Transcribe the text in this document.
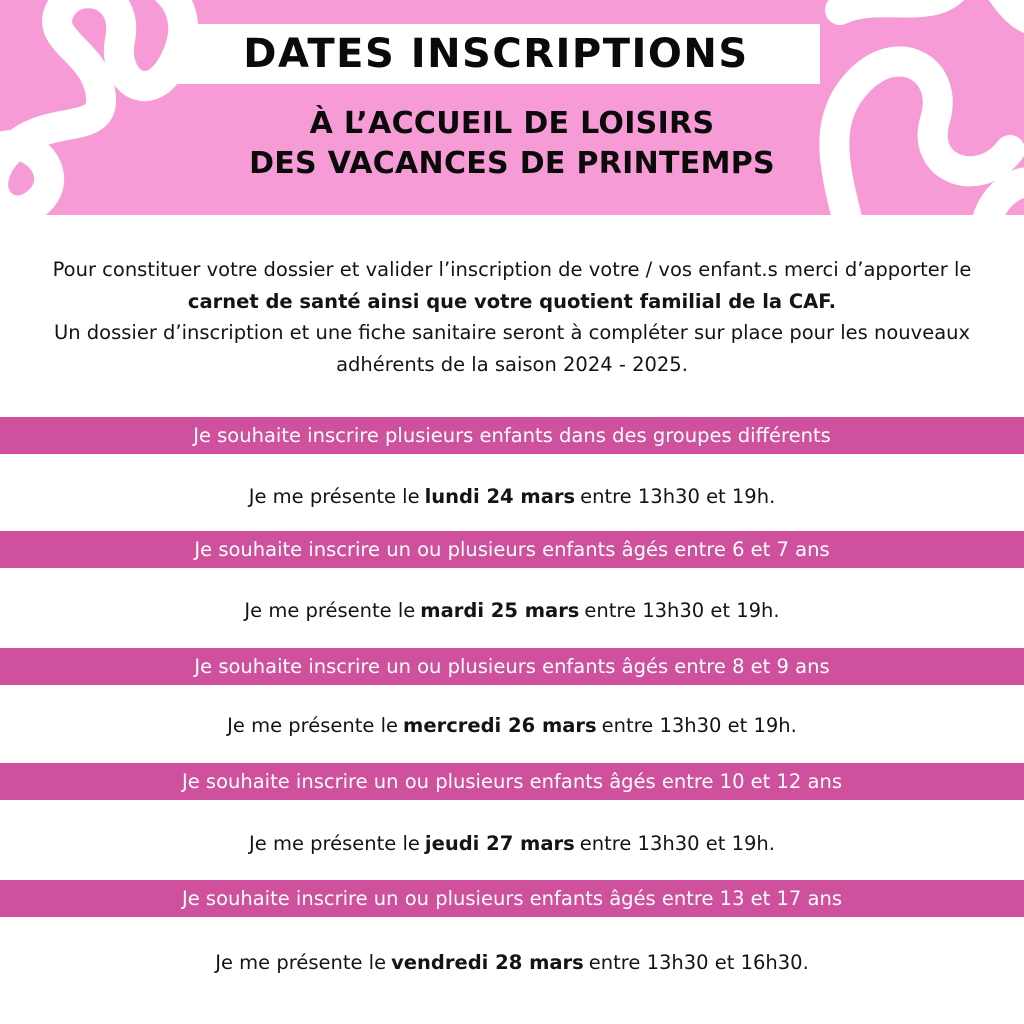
DATES INSCRIPTIONS
À L’ACCUEIL DE LOISIRS
DES VACANCES DE PRINTEMPS
Pour constituer votre dossier et valider l’inscription de votre / vos enfant.s merci d’apporter le carnet de santé ainsi que votre quotient familial de la CAF.
Un dossier d’inscription et une fiche sanitaire seront à compléter sur place pour les nouveaux adhérents de la saison 2024 - 2025.
Je souhaite inscrire plusieurs enfants dans des groupes différents
Je me présente le lundi 24 mars entre 13h30 et 19h.
Je souhaite inscrire un ou plusieurs enfants âgés entre 6 et 7 ans
Je me présente le mardi 25 mars entre 13h30 et 19h.
Je souhaite inscrire un ou plusieurs enfants âgés entre 8 et 9 ans
Je me présente le mercredi 26 mars entre 13h30 et 19h.
Je souhaite inscrire un ou plusieurs enfants âgés entre 10 et 12 ans
Je me présente le jeudi 27 mars entre 13h30 et 19h.
Je souhaite inscrire un ou plusieurs enfants âgés entre 13 et 17 ans
Je me présente le vendredi 28 mars entre 13h30 et 16h30.
